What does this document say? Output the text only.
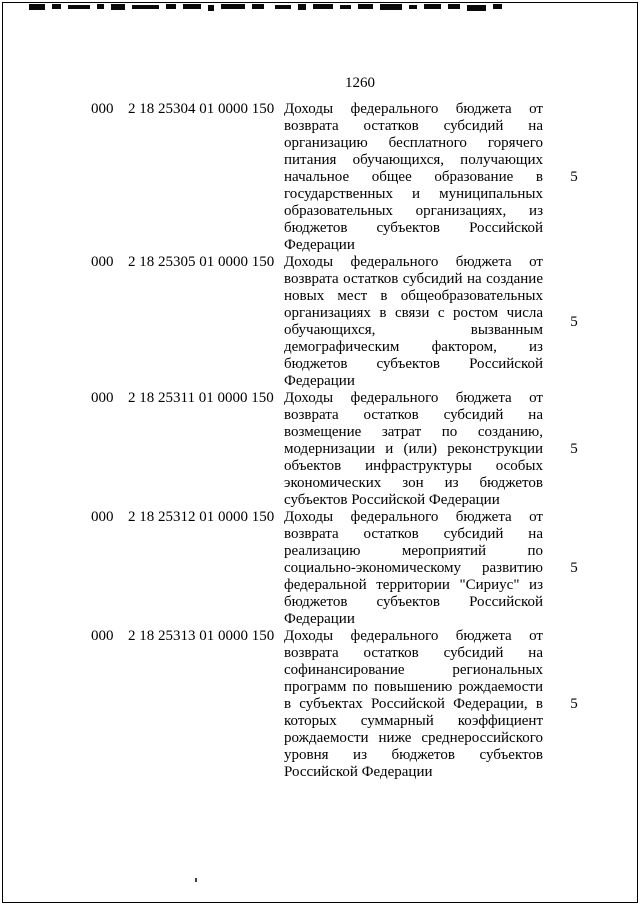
1260
000 2 18 25304 01 0000 150 Доходы федерального бюджета от возврата остатков субсидий на организацию бесплатного горячего питания обучающихся, получающих начальное общее образование в государственных и муниципальных образовательных организациях, из бюджетов субъектов Российской Федерации
5
000 2 18 25305 01 0000 150 Доходы федерального бюджета от возврата остатков субсидий на создание новых мест в общеобразовательных организациях в связи с ростом числа обучающихся, вызванным демографическим фактором, из бюджетов субъектов Российской Федерации
5
000 2 18 25311 01 0000 150 Доходы федерального бюджета от возврата остатков субсидий на возмещение затрат по созданию, модернизации и (или) реконструкции объектов инфраструктуры особых экономических зон из бюджетов субъектов Российской Федерации
5
000 2 18 25312 01 0000 150 Доходы федерального бюджета от возврата остатков субсидий на реализацию мероприятий по социально-экономическому развитию федеральной территории "Сириус" из бюджетов субъектов Российской Федерации
5
000 2 18 25313 01 0000 150 Доходы федерального бюджета от возврата остатков субсидий на софинансирование региональных программ по повышению рождаемости в субъектах Российской Федерации, в которых суммарный коэффициент рождаемости ниже среднероссийского уровня из бюджетов субъектов Российской Федерации
5
